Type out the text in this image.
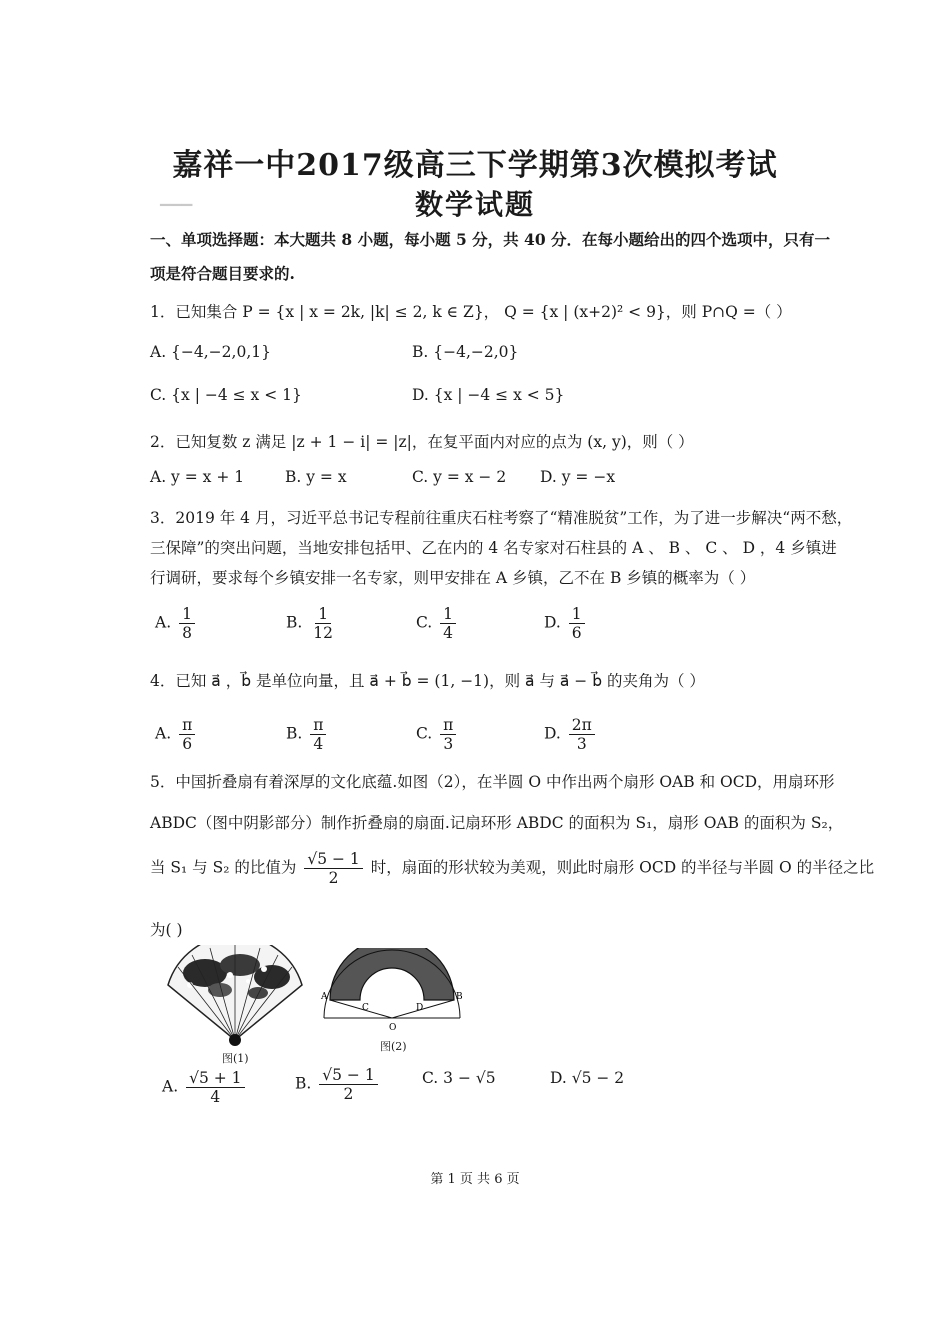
▔▔▔
嘉祥一中2017级高三下学期第3次模拟考试
数学试题
一、单项选择题：本大题共 8 小题，每小题 5 分，共 40 分．在每小题给出的四个选项中，只有一
项是符合题目要求的.
1．已知集合 P = {x | x = 2k, |k| ≤ 2, k ∈ Z}， Q = {x | (x+2)² < 9}，则 P∩Q =（ ）
A. {−4,−2,0,1}	B. {−4,−2,0}
C. {x | −4 ≤ x < 1}	D. {x | −4 ≤ x < 5}
2．已知复数 z 满足 |z + 1 − i| = |z|，在复平面内对应的点为 (x, y)，则（ ）
A. y = x + 1	B. y = x	C. y = x − 2 D. y = −x
3．2019 年 4 月，习近平总书记专程前往重庆石柱考察了“精准脱贫”工作，为了进一步解决“两不愁，
三保障”的突出问题，当地安排包括甲、乙在内的 4 名专家对石柱县的 A 、 B 、 C 、 D ，4 乡镇进
行调研，要求每个乡镇安排一名专家，则甲安排在 A 乡镇，乙不在 B 乡镇的概率为（ ）
A. $\frac{1}{8}$	B. $\frac{1}{12}$	C. $\frac{1}{4}$	D. $\frac{1}{6}$
4．已知 a⃗ ，b⃗ 是单位向量，且 a⃗ + b⃗ = (1, −1)，则 a⃗ 与 a⃗ − b⃗ 的夹角为（ ）
A. $\frac{\pi}{6}$	B. $\frac{\pi}{4}$	C. $\frac{\pi}{3}$	D. $\frac{2\pi}{3}$
5．中国折叠扇有着深厚的文化底蕴.如图（2），在半圆 O 中作出两个扇形 OAB 和 OCD，用扇环形
ABDC（图中阴影部分）制作折叠扇的扇面.记扇环形 ABDC 的面积为 S₁，扇形 OAB 的面积为 S₂，
当 S₁ 与 S₂ 的比值为 $\frac{√5 - 1}{2}$ 时，扇面的形状较为美观，则此时扇形 OCD 的半径与半圆 O 的半径之比
为( )
图(1)
A	B
C	D
O
图(2)
A. $\frac{√5 + 1}{4}$	B. $\frac{√5 - 1}{2}$	C. 3 − √5	D. √5 − 2
第 1 页 共 6 页
